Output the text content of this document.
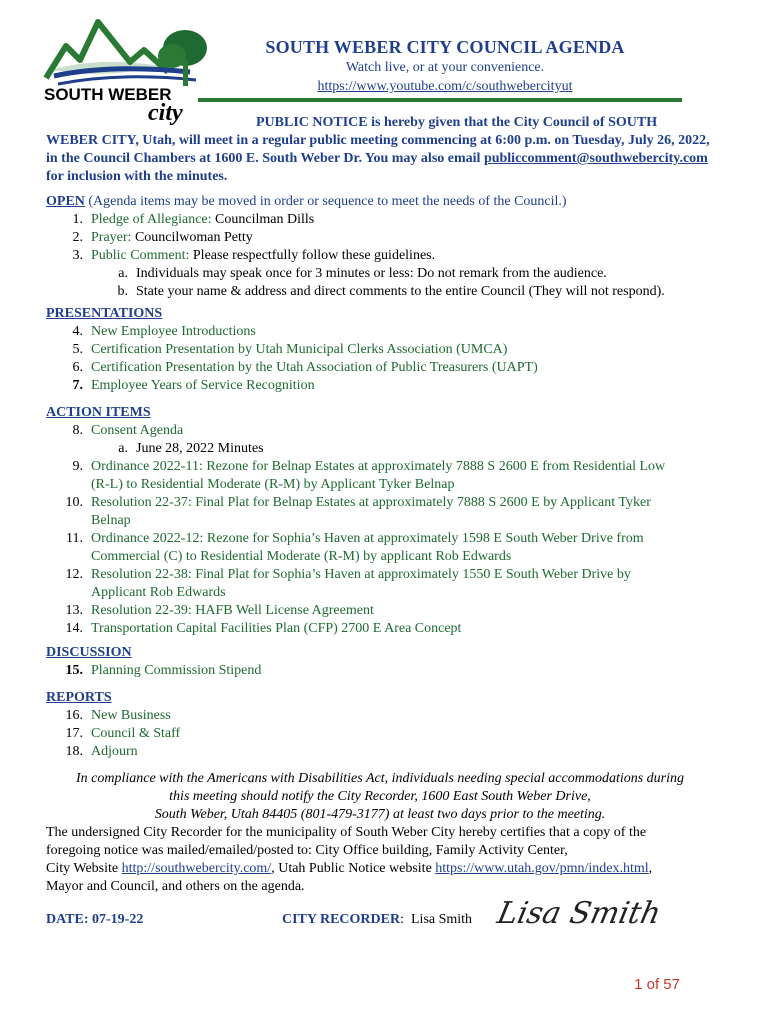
SOUTH WEBER
city
SOUTH WEBER CITY COUNCIL AGENDA
Watch live, or at your convenience.
https://www.youtube.com/c/southwebercityut
PUBLIC NOTICE is hereby given that the City Council of SOUTH
WEBER CITY, Utah, will meet in a regular public meeting commencing at 6:00 p.m. on Tuesday, July 26, 2022, in the Council Chambers at 1600 E. South Weber Dr. You may also email publiccomment@southwebercity.com for inclusion with the minutes.
OPEN (Agenda items may be moved in order or sequence to meet the needs of the Council.)
1. Pledge of Allegiance: Councilman Dills
2. Prayer: Councilwoman Petty
3. Public Comment: Please respectfully follow these guidelines.
a. Individuals may speak once for 3 minutes or less: Do not remark from the audience.
b. State your name & address and direct comments to the entire Council (They will not respond).
PRESENTATIONS
4. New Employee Introductions
5. Certification Presentation by Utah Municipal Clerks Association (UMCA)
6. Certification Presentation by the Utah Association of Public Treasurers (UAPT)
7. Employee Years of Service Recognition
ACTION ITEMS
8. Consent Agenda
a. June 28, 2022 Minutes
9. Ordinance 2022-11: Rezone for Belnap Estates at approximately 7888 S 2600 E from Residential Low
(R-L) to Residential Moderate (R-M) by Applicant Tyker Belnap
10. Resolution 22-37: Final Plat for Belnap Estates at approximately 7888 S 2600 E by Applicant Tyker
Belnap
11. Ordinance 2022-12: Rezone for Sophia’s Haven at approximately 1598 E South Weber Drive from
Commercial (C) to Residential Moderate (R-M) by applicant Rob Edwards
12. Resolution 22-38: Final Plat for Sophia’s Haven at approximately 1550 E South Weber Drive by
Applicant Rob Edwards
13. Resolution 22-39: HAFB Well License Agreement
14. Transportation Capital Facilities Plan (CFP) 2700 E Area Concept
DISCUSSION
15. Planning Commission Stipend
REPORTS
16. New Business
17. Council & Staff
18. Adjourn
In compliance with the Americans with Disabilities Act, individuals needing special accommodations during
this meeting should notify the City Recorder, 1600 East South Weber Drive,
South Weber, Utah 84405 (801-479-3177) at least two days prior to the meeting.
The undersigned City Recorder for the municipality of South Weber City hereby certifies that a copy of the
foregoing notice was mailed/emailed/posted to: City Office building, Family Activity Center,
City Website http://southwebercity.com/, Utah Public Notice website https://www.utah.gov/pmn/index.html,
Mayor and Council, and others on the agenda.
DATE: 07-19-22	CITY RECORDER:  Lisa Smith Lisa Smith
1 of 57
